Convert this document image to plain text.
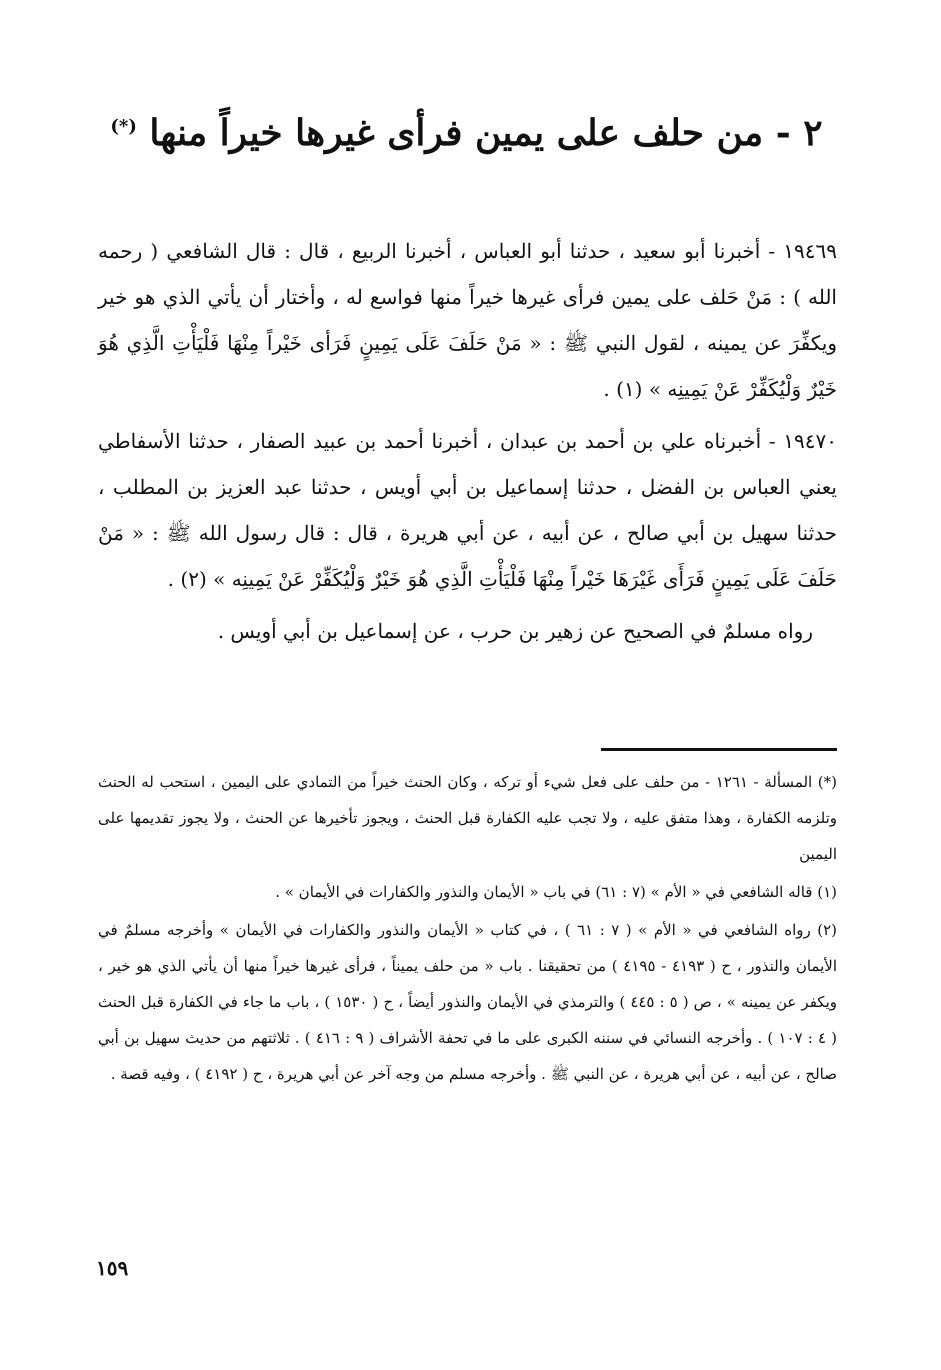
٢ - من حلف على يمين فرأى غيرها خيراً منها (*)

١٩٤٦٩ - أخبرنا أبو سعيد ، حدثنا أبو العباس ، أخبرنا الربيع ، قال : قال الشافعي ( رحمه الله ) : مَنْ حَلف على يمين فرأى غيرها خيراً منها فواسع له ، وأختار أن يأتي الذي هو خير ويكفِّرَ عن يمينه ، لقول النبي ﷺ : « مَنْ حَلَفَ عَلَى يَمِينٍ فَرَأى خَيْراً مِنْهَا فَلْيَأْتِ الَّذِي هُوَ خَيْرٌ وَلْيُكَفِّرْ عَنْ يَمِينِه » (١) .

١٩٤٧٠ - أخبرناه علي بن أحمد بن عبدان ، أخبرنا أحمد بن عبيد الصفار ، حدثنا الأسفاطي يعني العباس بن الفضل ، حدثنا إسماعيل بن أبي أويس ، حدثنا عبد العزيز بن المطلب ، حدثنا سهيل بن أبي صالح ، عن أبيه ، عن أبي هريرة ، قال : قال رسول الله ﷺ : « مَنْ حَلَفَ عَلَى يَمِينٍ فَرَأَى غَيْرَهَا خَيْراً مِنْهَا فَلْيَأْتِ الَّذِي هُوَ خَيْرٌ وَلْيُكَفِّرْ عَنْ يَمِينِه » (٢) .

رواه مسلمٌ في الصحيح عن زهير بن حرب ، عن إسماعيل بن أبي أويس .

(*) المسألة - ١٢٦١ - من حلف على فعل شيء أو تركه ، وكان الحنث خيراً من التمادي على اليمين ، استحب له الحنث وتلزمه الكفارة ، وهذا متفق عليه ، ولا تجب عليه الكفارة قبل الحنث ، ويجوز تأخيرها عن الحنث ، ولا يجوز تقديمها على اليمين

(١) قاله الشافعي في « الأم » (٧ : ٦١) في باب « الأيمان والنذور والكفارات في الأيمان » .

(٢) رواه الشافعي في « الأم » ( ٧ : ٦١ ) ، في كتاب « الأيمان والنذور والكفارات في الأيمان » وأخرجه مسلمٌ في الأيمان والنذور ، ح ( ٤١٩٣ - ٤١٩٥ ) من تحقيقنا . باب « من حلف يميناً ، فرأى غيرها خيراً منها أن يأتي الذي هو خير ، ويكفر عن يمينه » ، ص ( ٥ : ٤٤٥ ) والترمذي في الأيمان والنذور أيضاً ، ح ( ١٥٣٠ ) ، باب ما جاء في الكفارة قبل الحنث ( ٤ : ١٠٧ ) . وأخرجه النسائي في سننه الكبرى على ما في تحفة الأشراف ( ٩ : ٤١٦ ) . ثلاثتهم من حديث سهيل بن أبي صالح ، عن أبيه ، عن أبي هريرة ، عن النبي ﷺ . وأخرجه مسلم من وجه آخر عن أبي هريرة ، ح ( ٤١٩٢ ) ، وفيه قصة .

١٥٩
